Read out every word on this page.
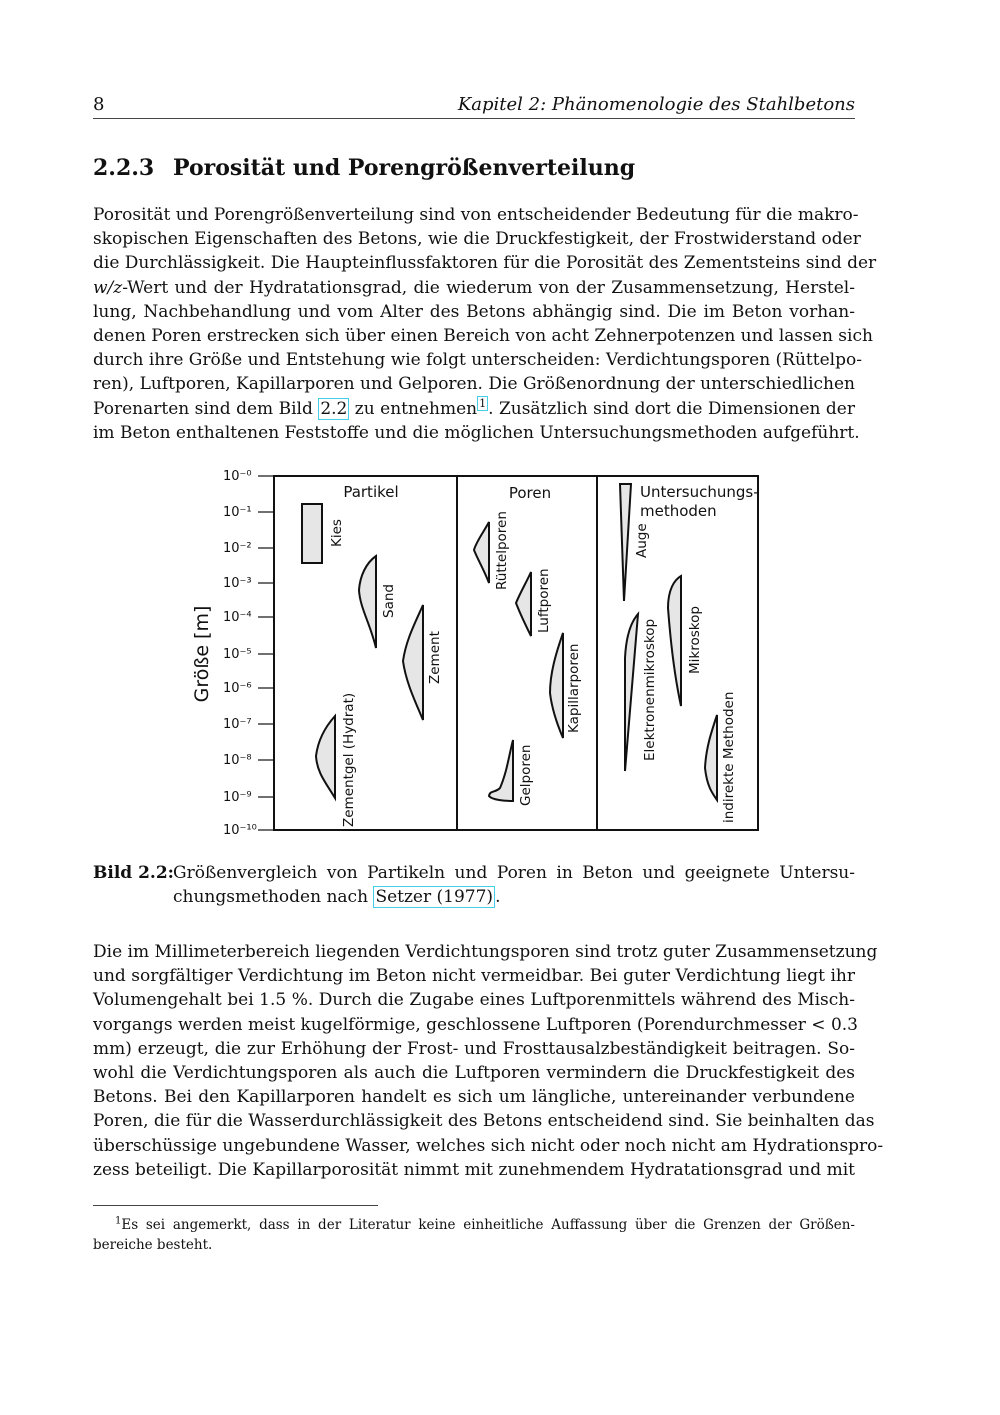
8	Kapitel 2: Phänomenologie des Stahlbetons
2.2.3 Porosität und Porengrößenverteilung
Porosität und Porengrößenverteilung sind von entscheidender Bedeutung für die makro-
skopischen Eigenschaften des Betons, wie die Druckfestigkeit, der Frostwiderstand oder
die Durchlässigkeit. Die Haupteinflussfaktoren für die Porosität des Zementsteins sind der
w/z-Wert und der Hydratationsgrad, die wiederum von der Zusammensetzung, Herstel-
lung, Nachbehandlung und vom Alter des Betons abhängig sind. Die im Beton vorhan-
denen Poren erstrecken sich über einen Bereich von acht Zehnerpotenzen und lassen sich
durch ihre Größe und Entstehung wie folgt unterscheiden: Verdichtungsporen (Rüttelpo-
ren), Luftporen, Kapillarporen und Gelporen. Die Größenordnung der unterschiedlichen
Porenarten sind dem Bild 2.2 zu entnehmen $^1$ . Zusätzlich sind dort die Dimensionen der
im Beton enthaltenen Feststoffe und die möglichen Untersuchungsmethoden aufgeführt.
Größe [m]
10⁻⁰
10⁻¹
10⁻²
10⁻³
10⁻⁴
10⁻⁵
10⁻⁶
10⁻⁷
10⁻⁸
10⁻⁹
10⁻¹⁰
Partikel	Poren	Untersuchungs-
methoden
Kies
Sand
Zement
Zementgel (Hydrat)
Rüttelporen
Luftporen
Kapillarporen
Gelporen
Auge
Elektronenmikroskop Mikroskop
indirekte Methoden
Bild 2.2: Größenvergleich von Partikeln und Poren in Beton und geeignete Untersu-
chungsmethoden nach Setzer (1977) .
Die im Millimeterbereich liegenden Verdichtungsporen sind trotz guter Zusammensetzung
und sorgfältiger Verdichtung im Beton nicht vermeidbar. Bei guter Verdichtung liegt ihr
Volumengehalt bei 1.5 %. Durch die Zugabe eines Luftporenmittels während des Misch-
vorgangs werden meist kugelförmige, geschlossene Luftporen (Porendurchmesser < 0.3
mm) erzeugt, die zur Erhöhung der Frost- und Frosttausalzbeständigkeit beitragen. So-
wohl die Verdichtungsporen als auch die Luftporen vermindern die Druckfestigkeit des
Betons. Bei den Kapillarporen handelt es sich um längliche, untereinander verbundene
Poren, die für die Wasserdurchlässigkeit des Betons entscheidend sind. Sie beinhalten das
überschüssige ungebundene Wasser, welches sich nicht oder noch nicht am Hydrationspro-
zess beteiligt. Die Kapillarporosität nimmt mit zunehmendem Hydratationsgrad und mit
$^1$Es sei angemerkt, dass in der Literatur keine einheitliche Auffassung über die Grenzen der Größen-
bereiche besteht.
